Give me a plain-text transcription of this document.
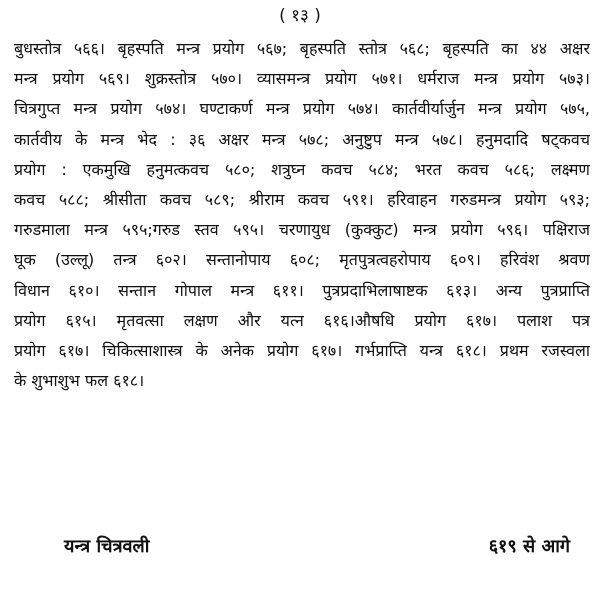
( १३ )
बुधस्तोत्र ५६६। बृहस्पति मन्त्र प्रयोग ५६७; बृहस्पति स्तोत्र ५६८; बृहस्पति का ४४ अक्षर
मन्त्र प्रयोग ५६९। शुक्रस्तोत्र ५७०। व्यासमन्त्र प्रयोग ५७१। धर्मराज मन्त्र प्रयोग ५७३।
चित्रगुप्त मन्त्र प्रयोग ५७४। घण्टाकर्ण मन्त्र प्रयोग ५७४। कार्तवीर्यार्जुन मन्त्र प्रयोग ५७५,
कार्तवीय के मन्त्र भेद : ३६ अक्षर मन्त्र ५७८; अनुष्टुप मन्त्र ५७८। हनुमदादि षट्कवच
प्रयोग : एकमुखि हनुमत्कवच ५८०; शत्रुघ्न कवच ५८४; भरत कवच ५८६; लक्ष्मण
कवच ५८८; श्रीसीता कवच ५८९; श्रीराम कवच ५९१। हरिवाहन गरुडमन्त्र प्रयोग ५९३;
गरुडमाला मन्त्र ५९५;गरुड स्तव ५९५। चरणायुध (कुक्कुट) मन्त्र प्रयोग ५९६। पक्षिराज
घूक (उल्लू) तन्त्र ६०२। सन्तानोपाय ६०८; मृतपुत्रत्वहरोपाय ६०९। हरिवंश श्रवण
विधान ६१०। सन्तान गोपाल मन्त्र ६११। पुत्रप्रदाभिलाषाष्टक ६१३। अन्य पुत्रप्राप्ति
प्रयोग ६१५। मृतवत्सा लक्षण और यत्न ६१६।औषधि प्रयोग ६१७। पलाश पत्र
प्रयोग ६१७। चिकित्साशास्त्र के अनेक प्रयोग ६१७। गर्भप्राप्ति यन्त्र ६१८। प्रथम रजस्वला
के शुभाशुभ फल ६१८।
यन्त्र चित्रवली	६१९ से आगे
